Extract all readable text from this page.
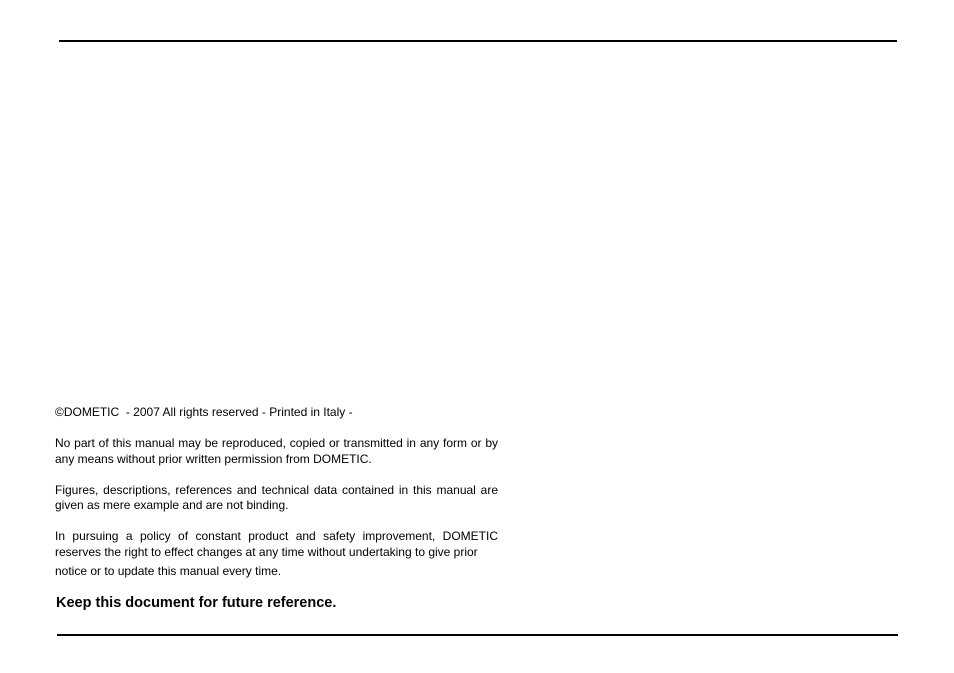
©DOMETIC  - 2007 All rights reserved - Printed in Italy -

No part of this manual may be reproduced, copied or transmitted in any form or by any means without prior written permission from DOMETIC.

Figures, descriptions, references and technical data contained in this manual are given as mere example and are not binding.

In pursuing a policy of constant product and safety improvement, DOMETIC reserves the right to effect changes at any time without undertaking to give prior
notice or to update this manual every time.

Keep this document for future reference.
